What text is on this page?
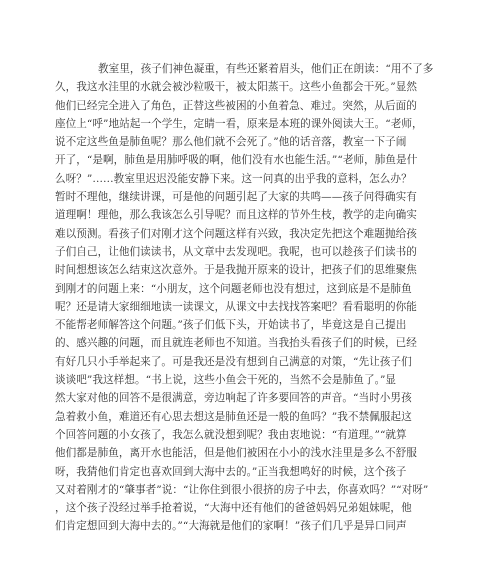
教室里，孩子们神色凝重，有些还紧着眉头，他们正在朗读：“用不了多
久，我这水洼里的水就会被沙粒吸干，被太阳蒸干。这些小鱼都会干死。”显然
他们已经完全进入了角色，正替这些被困的小鱼着急、难过。突然，从后面的
座位上“呼”地站起一个学生，定睛一看，原来是本班的课外阅读大王。“老师，
说不定这些鱼是肺鱼呢？那么他们就不会死了。”他的话音落，教室一下子闹
开了，“是啊，肺鱼是用肺呼吸的啊，他们没有水也能生活。”“老师，肺鱼是什
么呀？”……教室里迟迟没能安静下来。这一问真的出乎我的意料，怎么办？
暂时不理他，继续讲课，可是他的问题引起了大家的共鸣——孩子问得确实有
道理啊！理他，那么我该怎么引导呢？而且这样的节外生枝，教学的走向确实
难以预测。看孩子们对刚才这个问题这样有兴致，我决定先把这个难题抛给孩
子们自己，让他们读读书，从文章中去发现吧。我呢，也可以趁孩子们读书的
时间想想该怎么结束这次意外。于是我抛开原来的设计，把孩子们的思维聚焦
到刚才的问题上来：“小朋友，这个问题老师也没有想过，这到底是不是肺鱼
呢？还是请大家细细地读一读课文，从课文中去找找答案吧？看看聪明的你能
不能帮老师解答这个问题。”孩子们低下头，开始读书了，毕竟这是自己提出
的、感兴趣的问题，而且就连老师也不知道。当我抬头看孩子们的时候，已经
有好几只小手举起来了。可是我还是没有想到自己满意的对策，“先让孩子们
谈谈吧”我这样想。“书上说，这些小鱼会干死的，当然不会是肺鱼了。”显
然大家对他的回答不是很满意，旁边响起了许多要回答的声音。“当时小男孩
急着救小鱼，难道还有心思去想这是肺鱼还是一般的鱼吗？”我不禁佩服起这
个回答问题的小女孩了，我怎么就没想到呢？我由衷地说：“有道理。”“就算
他们都是肺鱼，离开水也能活，但是他们被困在小小的浅水洼里是多么不舒服
呀，我猜他们肯定也喜欢回到大海中去的。”正当我想鸣好的时候，这个孩子
又对着刚才的“肇事者”说：“让你住到很小很挤的房子中去，你喜欢吗？”“对呀”
，这个孩子没经过举手抢着说，“大海中还有他们的爸爸妈妈兄弟姐妹呢，他
们肯定想回到大海中去的。”“大海就是他们的家啊！”孩子们几乎是异口同声
